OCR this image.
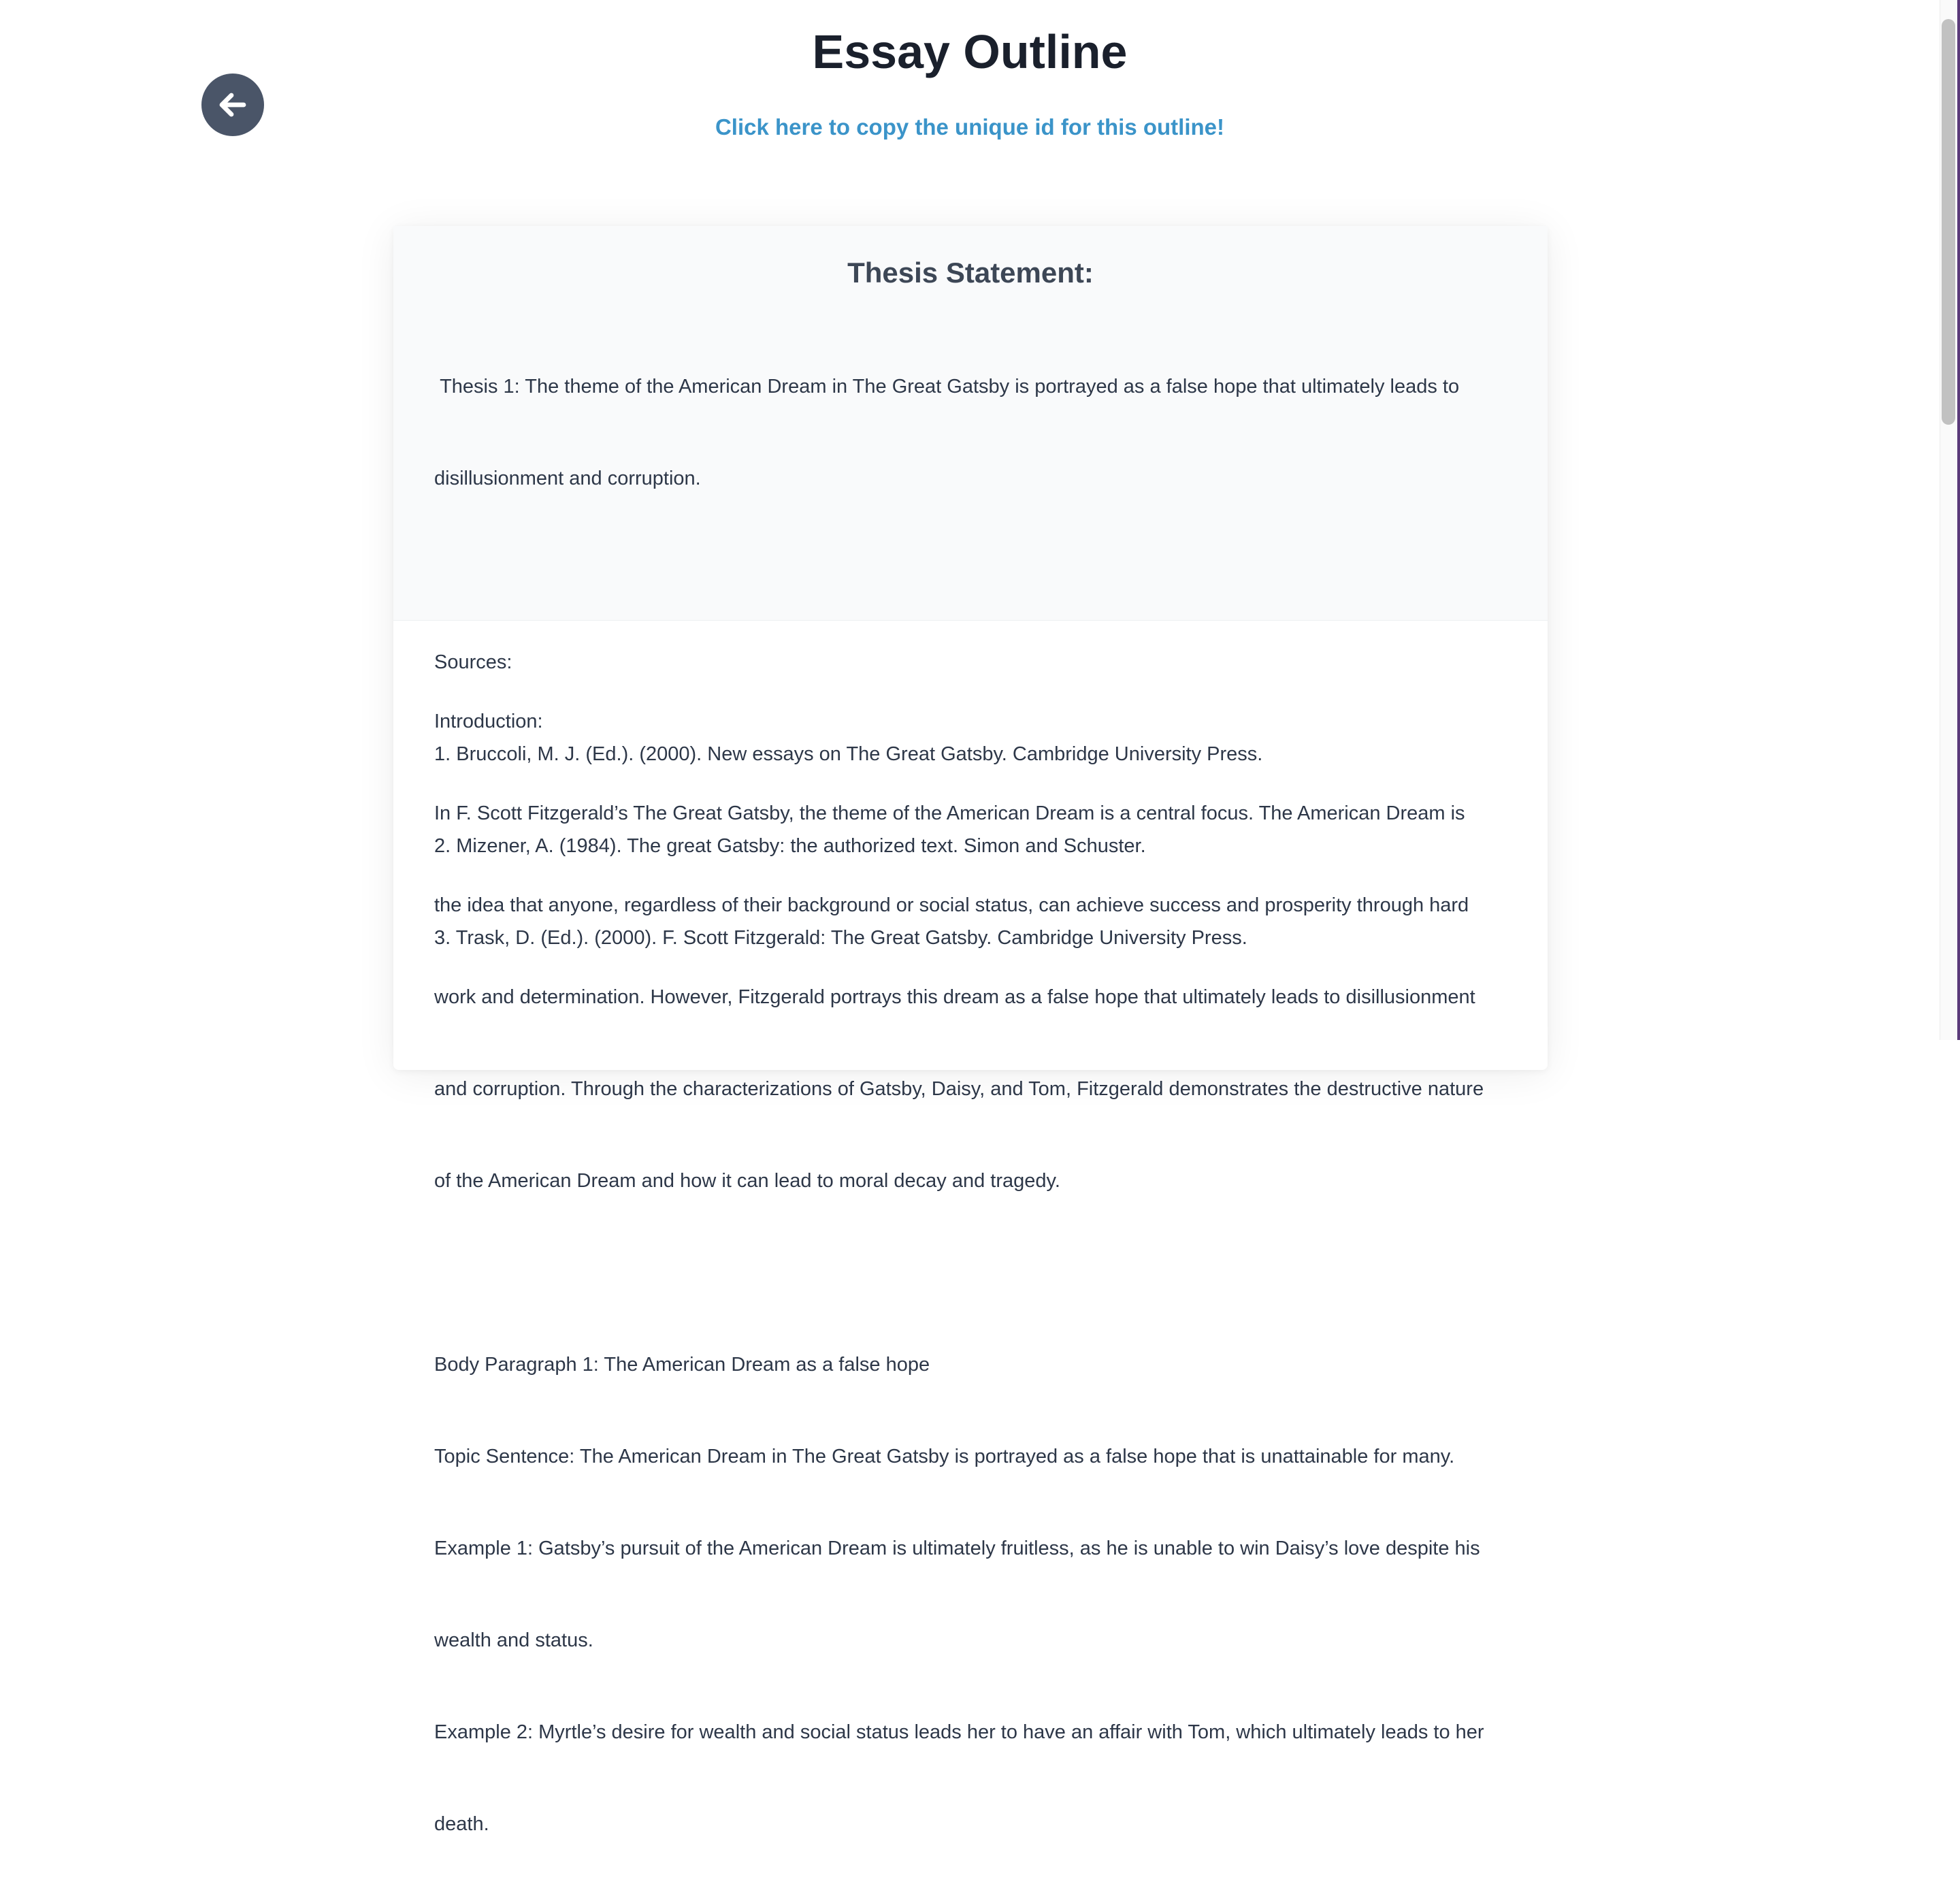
Essay Outline
Click here to copy the unique id for this outline!
Thesis Statement:

Thesis 1: The theme of the American Dream in The Great Gatsby is portrayed as a false hope that ultimately leads to

disillusionment and corruption.

Sources:

1. Bruccoli, M. J. (Ed.). (2000). New essays on The Great Gatsby. Cambridge University Press.

2. Mizener, A. (1984). The great Gatsby: the authorized text. Simon and Schuster.

3. Trask, D. (Ed.). (2000). F. Scott Fitzgerald: The Great Gatsby. Cambridge University Press.

Introduction:

In F. Scott Fitzgerald’s The Great Gatsby, the theme of the American Dream is a central focus. The American Dream is

the idea that anyone, regardless of their background or social status, can achieve success and prosperity through hard

work and determination. However, Fitzgerald portrays this dream as a false hope that ultimately leads to disillusionment

and corruption. Through the characterizations of Gatsby, Daisy, and Tom, Fitzgerald demonstrates the destructive nature

of the American Dream and how it can lead to moral decay and tragedy.

Body Paragraph 1: The American Dream as a false hope

Topic Sentence: The American Dream in The Great Gatsby is portrayed as a false hope that is unattainable for many.

Example 1: Gatsby’s pursuit of the American Dream is ultimately fruitless, as he is unable to win Daisy’s love despite his

wealth and status.

Example 2: Myrtle’s desire for wealth and social status leads her to have an affair with Tom, which ultimately leads to her

death.
